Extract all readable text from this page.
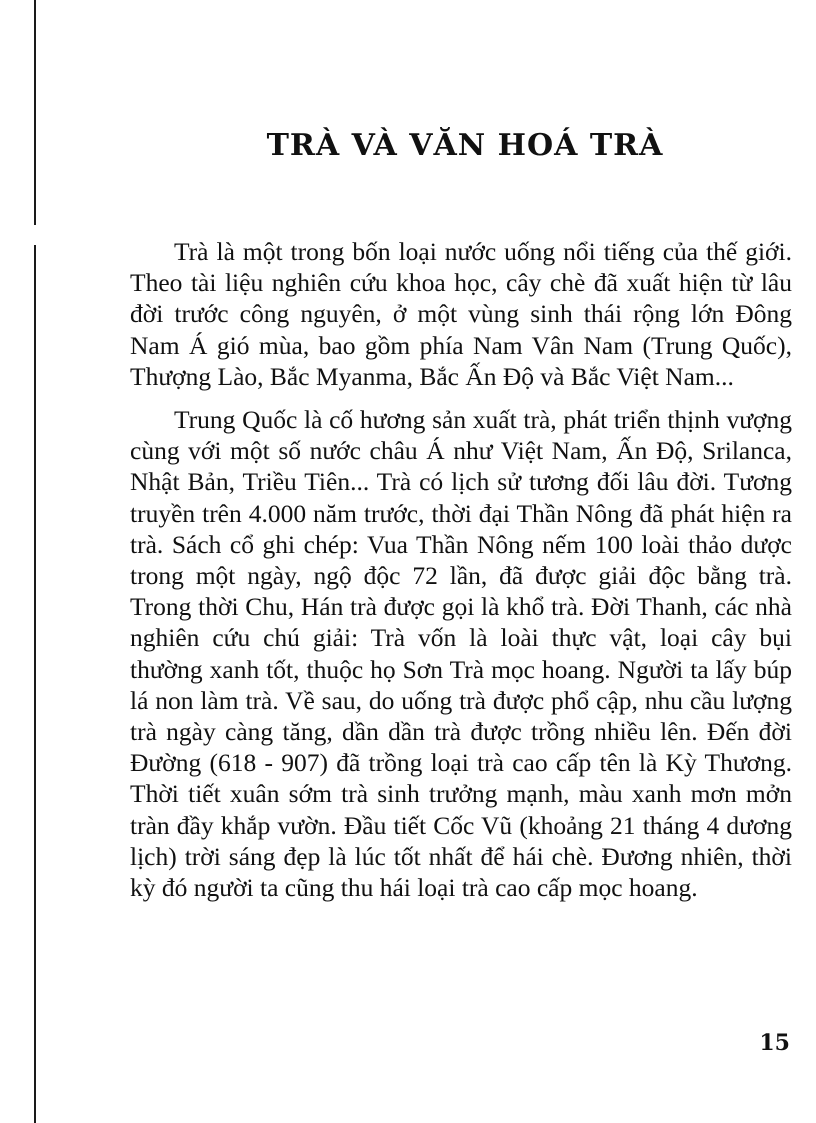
TRÀ VÀ VĂN HOÁ TRÀ

Trà là một trong bốn loại nước uống nổi tiếng của thế giới. Theo tài liệu nghiên cứu khoa học, cây chè đã xuất hiện từ lâu đời trước công nguyên, ở một vùng sinh thái rộng lớn Đông Nam Á gió mùa, bao gồm phía Nam Vân Nam (Trung Quốc), Thượng Lào, Bắc Myanma, Bắc Ấn Độ và Bắc Việt Nam...

Trung Quốc là cố hương sản xuất trà, phát triển thịnh vượng cùng với một số nước châu Á như Việt Nam, Ấn Độ, Srilanca, Nhật Bản, Triều Tiên... Trà có lịch sử tương đối lâu đời. Tương truyền trên 4.000 năm trước, thời đại Thần Nông đã phát hiện ra trà. Sách cổ ghi chép: Vua Thần Nông nếm 100 loài thảo dược trong một ngày, ngộ độc 72 lần, đã được giải độc bằng trà. Trong thời Chu, Hán trà được gọi là khổ trà. Đời Thanh, các nhà nghiên cứu chú giải: Trà vốn là loài thực vật, loại cây bụi thường xanh tốt, thuộc họ Sơn Trà mọc hoang. Người ta lấy búp lá non làm trà. Về sau, do uống trà được phổ cập, nhu cầu lượng trà ngày càng tăng, dần dần trà được trồng nhiều lên. Đến đời Đường (618 - 907) đã trồng loại trà cao cấp tên là Kỳ Thương. Thời tiết xuân sớm trà sinh trưởng mạnh, màu xanh mơn mởn tràn đầy khắp vườn. Đầu tiết Cốc Vũ (khoảng 21 tháng 4 dương lịch) trời sáng đẹp là lúc tốt nhất để hái chè. Đương nhiên, thời kỳ đó người ta cũng thu hái loại trà cao cấp mọc hoang.

15
